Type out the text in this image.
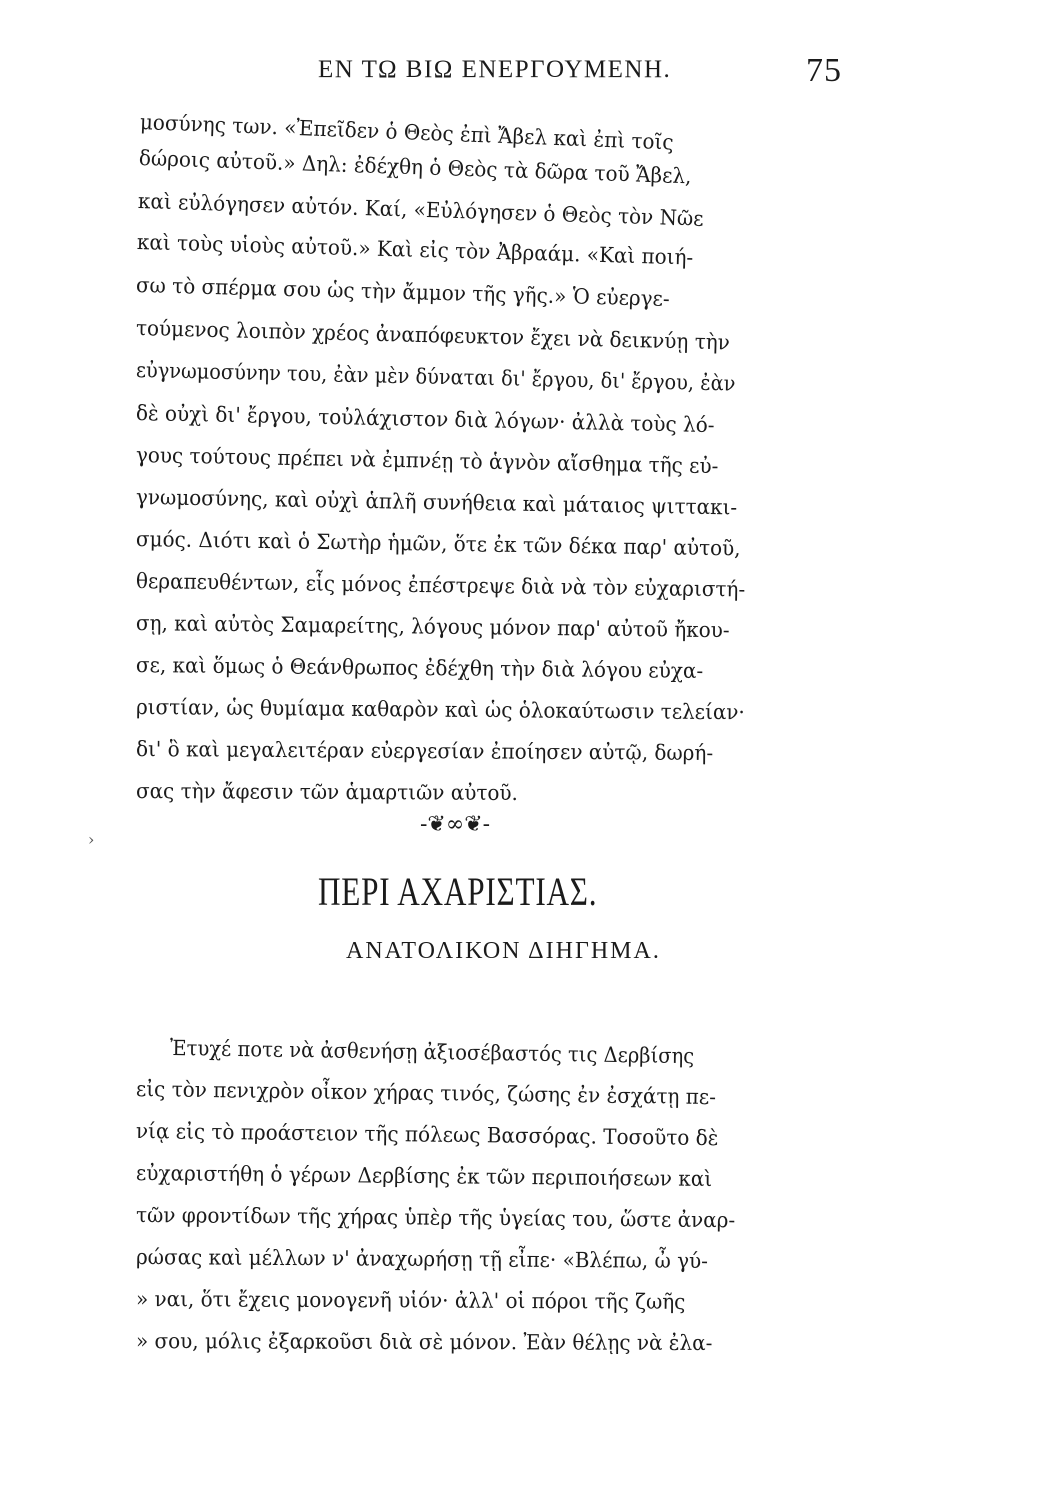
ΕΝ ΤΩ ΒΙΩ ΕΝΕΡΓΟΥΜΕΝΗ.	75
μοσύνης των. «Ἐπεῖδεν ὁ Θεὸς ἐπὶ Ἄβελ καὶ ἐπὶ τοῖς
δώροις αὐτοῦ.» Δηλ: ἐδέχθη ὁ Θεὸς τὰ δῶρα τοῦ Ἄβελ,
καὶ εὐλόγησεν αὐτόν. Καί, «Εὐλόγησεν ὁ Θεὸς τὸν Νῶε
καὶ τοὺς υἱοὺς αὐτοῦ.» Καὶ εἰς τὸν Ἀβραάμ. «Καὶ ποιή-
σω τὸ σπέρμα σου ὡς τὴν ἄμμον τῆς γῆς.» Ὁ εὐεργε-
τούμενος λοιπὸν χρέος ἀναπόφευκτον ἔχει νὰ δεικνύῃ τὴν
εὐγνωμοσύνην του, ἐὰν μὲν δύναται δι' ἔργου, δι' ἔργου, ἐὰν
δὲ οὐχὶ δι' ἔργου, τοὐλάχιστον διὰ λόγων· ἀλλὰ τοὺς λό-
γους τούτους πρέπει νὰ ἐμπνέῃ τὸ ἁγνὸν αἴσθημα τῆς εὐ-
γνωμοσύνης, καὶ οὐχὶ ἁπλῆ συνήθεια καὶ μάταιος ψιττακι-
σμός. Διότι καὶ ὁ Σωτὴρ ἡμῶν, ὅτε ἐκ τῶν δέκα παρ' αὐτοῦ,
θεραπευθέντων, εἷς μόνος ἐπέστρεψε διὰ νὰ τὸν εὐχαριστή-
σῃ, καὶ αὐτὸς Σαμαρείτης, λόγους μόνον παρ' αὐτοῦ ἤκου-
σε, καὶ ὅμως ὁ Θεάνθρωπος ἐδέχθη τὴν διὰ λόγου εὐχα-
ριστίαν, ὡς θυμίαμα καθαρὸν καὶ ὡς ὁλοκαύτωσιν τελείαν·
δι' ὃ καὶ μεγαλειτέραν εὐεργεσίαν ἐποίησεν αὐτῷ, δωρή-
σας τὴν ἄφεσιν τῶν ἁμαρτιῶν αὐτοῦ.
›
-❦∞❦-
ΠΕΡΙ ΑΧΑΡΙΣΤΙΑΣ.
ΑΝΑΤΟΛΙΚΟΝ ΔΙΗΓΗΜΑ.
Ἐτυχέ ποτε νὰ ἀσθενήσῃ ἀξιοσέβαστός τις Δερβίσης
εἰς τὸν πενιχρὸν οἶκον χήρας τινός, ζώσης ἐν ἐσχάτῃ πε-
νίᾳ εἰς τὸ προάστειον τῆς πόλεως Βασσόρας. Τοσοῦτο δὲ
εὐχαριστήθη ὁ γέρων Δερβίσης ἐκ τῶν περιποιήσεων καὶ
τῶν φροντίδων τῆς χήρας ὑπὲρ τῆς ὑγείας του, ὥστε ἀναρ-
ρώσας καὶ μέλλων ν' ἀναχωρήσῃ τῇ εἶπε· «Βλέπω, ὦ γύ-
» ναι, ὅτι ἔχεις μονογενῆ υἱόν· ἀλλ' οἱ πόροι τῆς ζωῆς
» σου, μόλις ἐξαρκοῦσι διὰ σὲ μόνον. Ἐὰν θέλῃς νὰ ἐλα-
